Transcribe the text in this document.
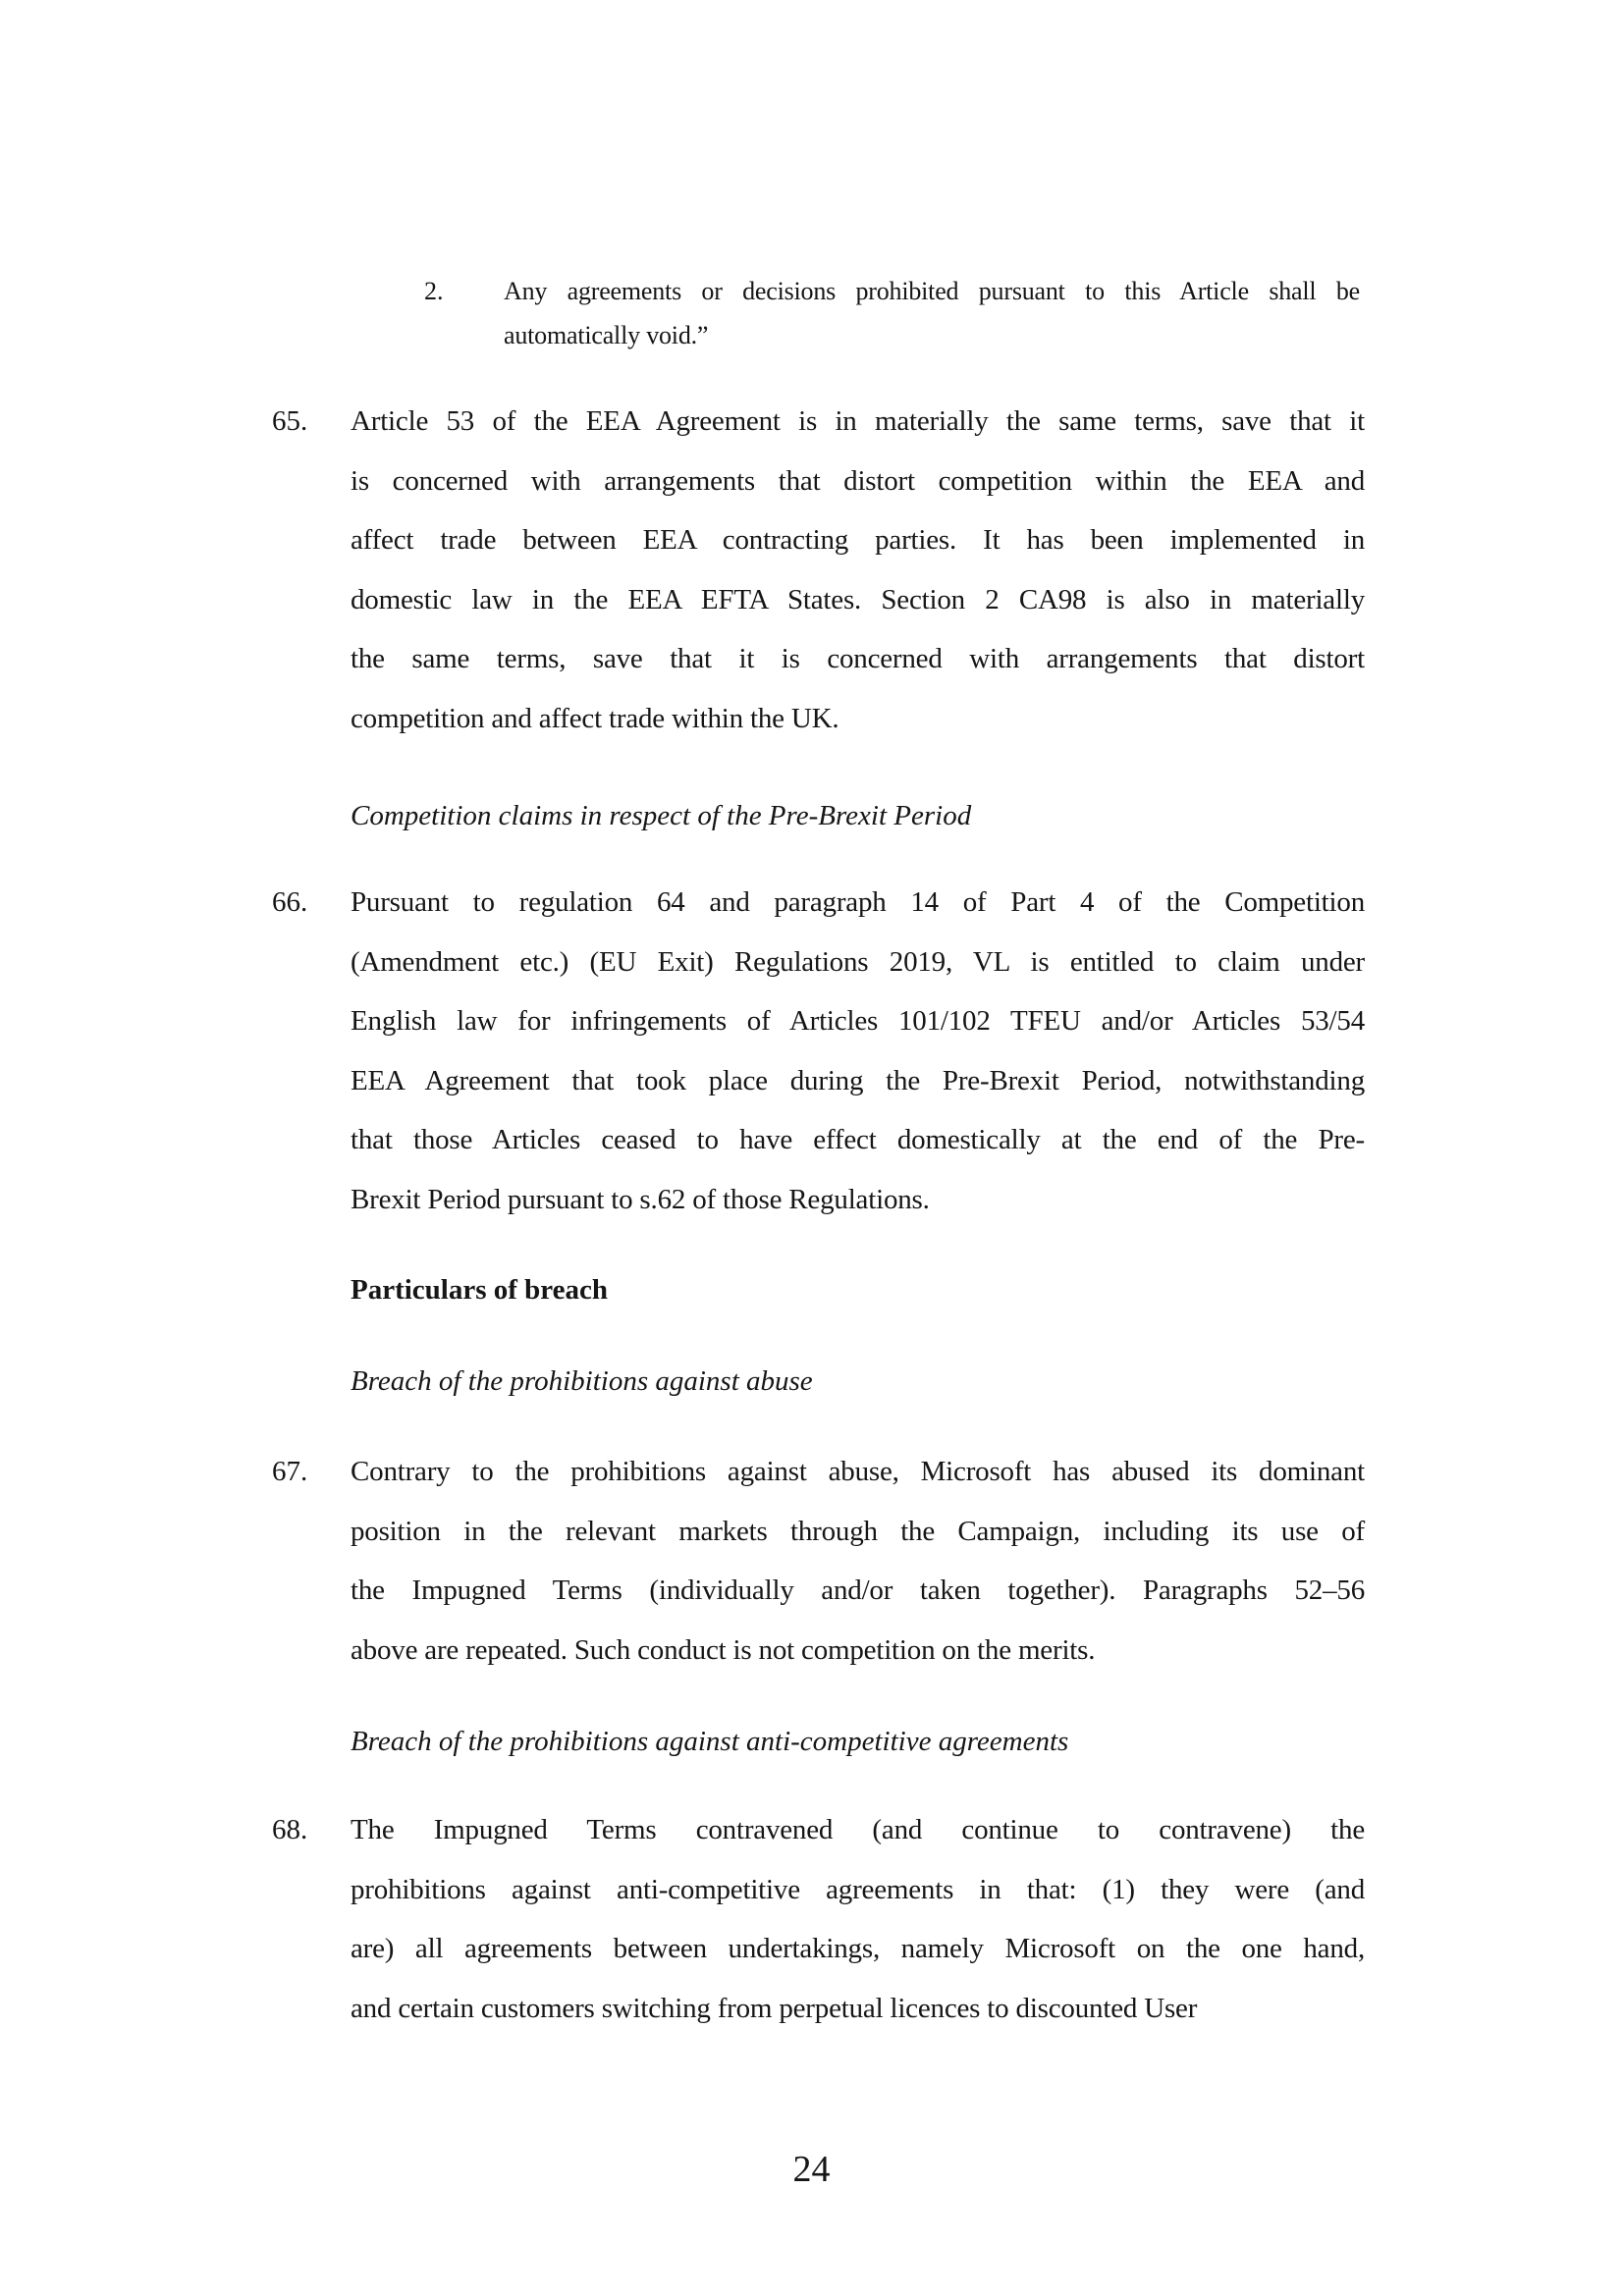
2.	Any agreements or decisions prohibited pursuant to this Article shall be
automatically void.”
65.	Article 53 of the EEA Agreement is in materially the same terms, save that it
is concerned with arrangements that distort competition within the EEA and
affect trade between EEA contracting parties. It has been implemented in
domestic law in the EEA EFTA States. Section 2 CA98 is also in materially
the same terms, save that it is concerned with arrangements that distort
competition and affect trade within the UK.
Competition claims in respect of the Pre-Brexit Period
66.	Pursuant to regulation 64 and paragraph 14 of Part 4 of the Competition
(Amendment etc.) (EU Exit) Regulations 2019, VL is entitled to claim under
English law for infringements of Articles 101/102 TFEU and/or Articles 53/54
EEA Agreement that took place during the Pre-Brexit Period, notwithstanding
that those Articles ceased to have effect domestically at the end of the Pre-
Brexit Period pursuant to s.62 of those Regulations.
Particulars of breach
Breach of the prohibitions against abuse
67.	Contrary to the prohibitions against abuse, Microsoft has abused its dominant
position in the relevant markets through the Campaign, including its use of
the Impugned Terms (individually and/or taken together). Paragraphs 52–56
above are repeated. Such conduct is not competition on the merits.
Breach of the prohibitions against anti-competitive agreements
68.	The Impugned Terms contravened (and continue to contravene) the
prohibitions against anti-competitive agreements in that: (1) they were (and
are) all agreements between undertakings, namely Microsoft on the one hand,
and certain customers switching from perpetual licences to discounted User
24
